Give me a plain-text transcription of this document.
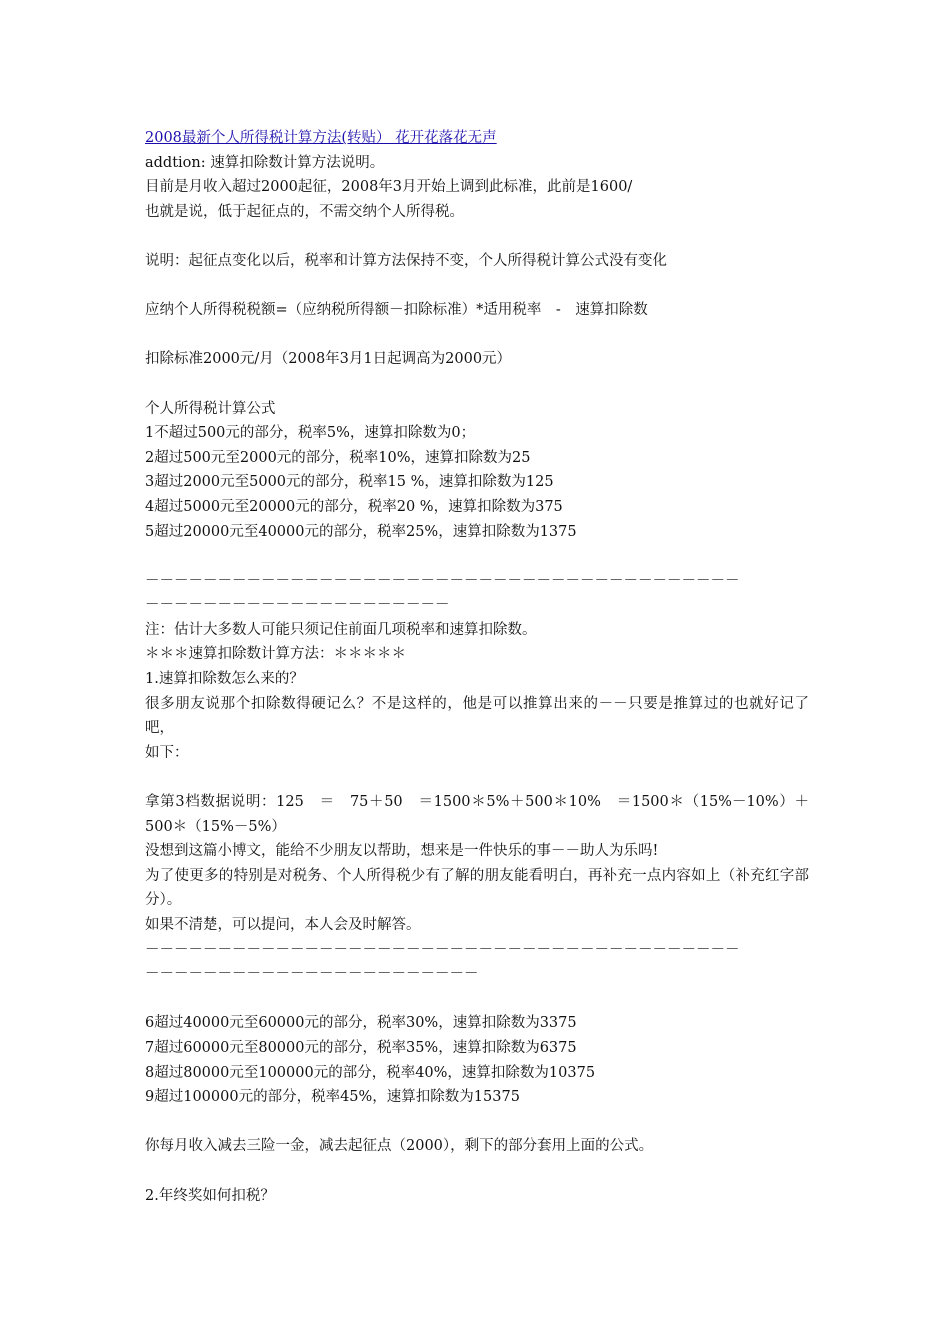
2008最新个人所得税计算方法(转贴） 花开花落花无声
addtion: 速算扣除数计算方法说明。
目前是月收入超过2000起征，2008年3月开始上调到此标准，此前是1600/
也就是说，低于起征点的，不需交纳个人所得税。
说明：起征点变化以后，税率和计算方法保持不变，个人所得税计算公式没有变化
应纳个人所得税税额=（应纳税所得额－扣除标准）*适用税率　-　速算扣除数
扣除标准2000元/月（2008年3月1日起调高为2000元）
个人所得税计算公式
1不超过500元的部分，税率5%，速算扣除数为0；
2超过500元至2000元的部分，税率10%，速算扣除数为25
3超过2000元至5000元的部分，税率15 %，速算扣除数为125
4超过5000元至20000元的部分，税率20 %，速算扣除数为375
5超过20000元至40000元的部分，税率25%，速算扣除数为1375
－－－－－－－－－－－－－－－－－－－－－－－－－－－－－－－－－－－－－－－－－
－－－－－－－－－－－－－－－－－－－－－
注：估计大多数人可能只须记住前面几项税率和速算扣除数。
＊＊＊速算扣除数计算方法：＊＊＊＊＊
1.速算扣除数怎么来的？
很多朋友说那个扣除数得硬记么？不是这样的，他是可以推算出来的－－只要是推算过的也就好记了吧，
如下：
拿第3档数据说明：125　＝　75＋50　＝1500＊5%＋500＊10%　＝1500＊（15%－10%）＋500＊（15%－5%）
没想到这篇小博文，能给不少朋友以帮助，想来是一件快乐的事－－助人为乐吗!
为了使更多的特别是对税务、个人所得税少有了解的朋友能看明白，再补充一点内容如上（补充红字部分）。
如果不清楚，可以提问，本人会及时解答。
－－－－－－－－－－－－－－－－－－－－－－－－－－－－－－－－－－－－－－－－－
－－－－－－－－－－－－－－－－－－－－－－－
6超过40000元至60000元的部分，税率30%，速算扣除数为3375
7超过60000元至80000元的部分，税率35%，速算扣除数为6375
8超过80000元至100000元的部分，税率40%，速算扣除数为10375
9超过100000元的部分，税率45%，速算扣除数为15375
你每月收入减去三险一金，减去起征点（2000），剩下的部分套用上面的公式。
2.年终奖如何扣税？
